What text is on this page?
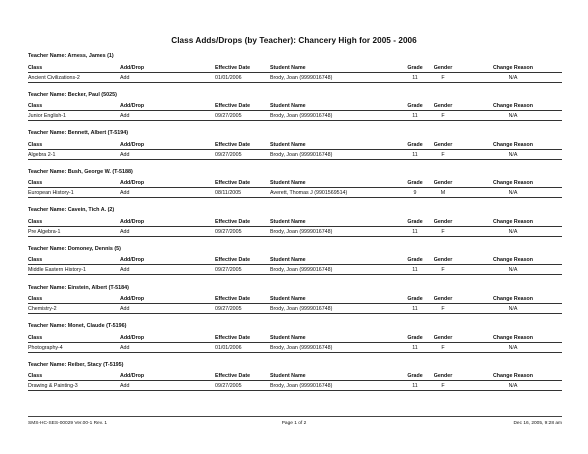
Class Adds/Drops (by Teacher): Chancery High for 2005 - 2006
Teacher Name: Arness, James (1)
Class	Add/Drop	Effective Date	Student Name	Grade	Gender	Change Reason
Ancient Civilizations-2	Add	01/01/2006	Brody, Joan (9999016748)	11	F	N/A
Teacher Name: Becker, Paul (5025)
Class	Add/Drop	Effective Date	Student Name	Grade	Gender	Change Reason
Junior English-1	Add	09/27/2005	Brody, Joan (9999016748)	11	F	N/A
Teacher Name: Bennett, Albert (T-5194)
Class	Add/Drop	Effective Date	Student Name	Grade	Gender	Change Reason
Algebra 2-1	Add	09/27/2005	Brody, Joan (9999016748)	11	F	N/A
Teacher Name: Bush, George W. (T-5188)
Class	Add/Drop	Effective Date	Student Name	Grade	Gender	Change Reason
European History-1	Add	08/11/2005	Averett, Thomas J (9901569514)	9	M	N/A
Teacher Name: Cavein, Tich A. (2)
Class	Add/Drop	Effective Date	Student Name	Grade	Gender	Change Reason
Pre Algebra-1	Add	09/27/2005	Brody, Joan (9999016748)	11	F	N/A
Teacher Name: Domoney, Dennis (5)
Class	Add/Drop	Effective Date	Student Name	Grade	Gender	Change Reason
Middle Eastern History-1	Add	09/27/2005	Brody, Joan (9999016748)	11	F	N/A
Teacher Name: Einstein, Albert (T-5184)
Class	Add/Drop	Effective Date	Student Name	Grade	Gender	Change Reason
Chemistry-2	Add	09/27/2005	Brody, Joan (9999016748)	11	F	N/A
Teacher Name: Monet, Claude (T-5196)
Class	Add/Drop	Effective Date	Student Name	Grade	Gender	Change Reason
Photography-4	Add	01/01/2006	Brody, Joan (9999016748)	11	F	N/A
Teacher Name: Reiber, Stacy (T-5195)
Class	Add/Drop	Effective Date	Student Name	Grade	Gender	Change Reason
Drawing & Painting-3	Add	09/27/2005	Brody, Joan (9999016748)	11	F	N/A
SMS-HC-SES-00029 Ver.00-1 Rev. 1	Page 1 of 2	Dec 16, 2005, 9:28 am
